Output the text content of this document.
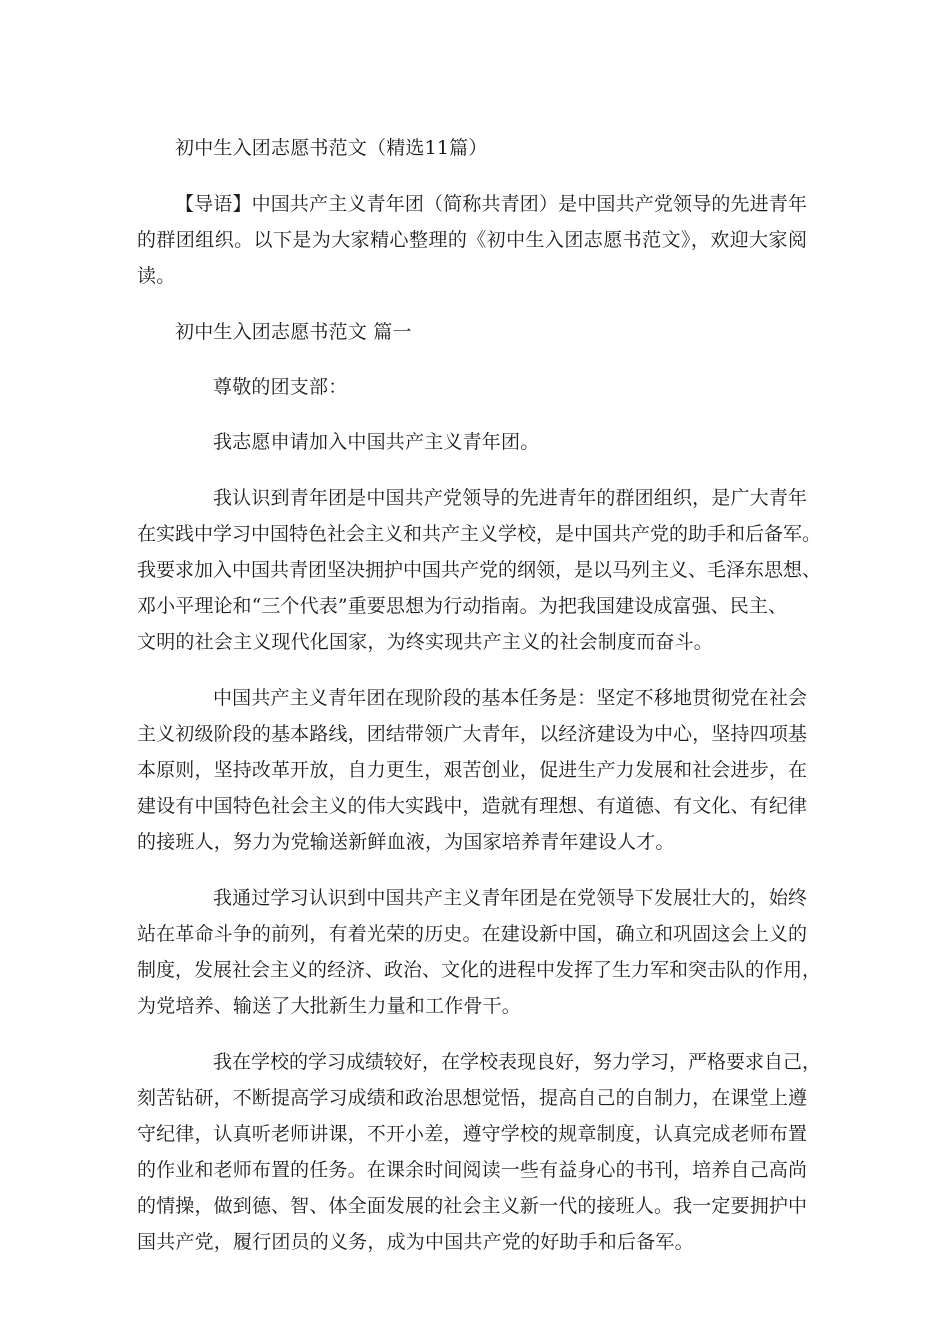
初中生入团志愿书范文（精选11篇）
【导语】中国共产主义青年团（简称共青团）是中国共产党领导的先进青年
的群团组织。以下是为大家精心整理的《初中生入团志愿书范文》，欢迎大家阅
读。
初中生入团志愿书范文 篇一
尊敬的团支部：
我志愿申请加入中国共产主义青年团。
我认识到青年团是中国共产党领导的先进青年的群团组织，是广大青年
在实践中学习中国特色社会主义和共产主义学校，是中国共产党的助手和后备军。
我要求加入中国共青团坚决拥护中国共产党的纲领，是以马列主义、毛泽东思想、
邓小平理论和“三个代表”重要思想为行动指南。为把我国建设成富强、民主、
文明的社会主义现代化国家，为终实现共产主义的社会制度而奋斗。
中国共产主义青年团在现阶段的基本任务是：坚定不移地贯彻党在社会
主义初级阶段的基本路线，团结带领广大青年，以经济建设为中心，坚持四项基
本原则，坚持改革开放，自力更生，艰苦创业，促进生产力发展和社会进步，在
建设有中国特色社会主义的伟大实践中，造就有理想、有道德、有文化、有纪律
的接班人，努力为党输送新鲜血液，为国家培养青年建设人才。
我通过学习认识到中国共产主义青年团是在党领导下发展壮大的，始终
站在革命斗争的前列，有着光荣的历史。在建设新中国，确立和巩固这会上义的
制度，发展社会主义的经济、政治、文化的进程中发挥了生力军和突击队的作用，
为党培养、输送了大批新生力量和工作骨干。
我在学校的学习成绩较好，在学校表现良好，努力学习，严格要求自己，
刻苦钻研，不断提高学习成绩和政治思想觉悟，提高自己的自制力，在课堂上遵
守纪律，认真听老师讲课，不开小差，遵守学校的规章制度，认真完成老师布置
的作业和老师布置的任务。在课余时间阅读一些有益身心的书刊，培养自己高尚
的情操，做到德、智、体全面发展的社会主义新一代的接班人。我一定要拥护中
国共产党，履行团员的义务，成为中国共产党的好助手和后备军。
